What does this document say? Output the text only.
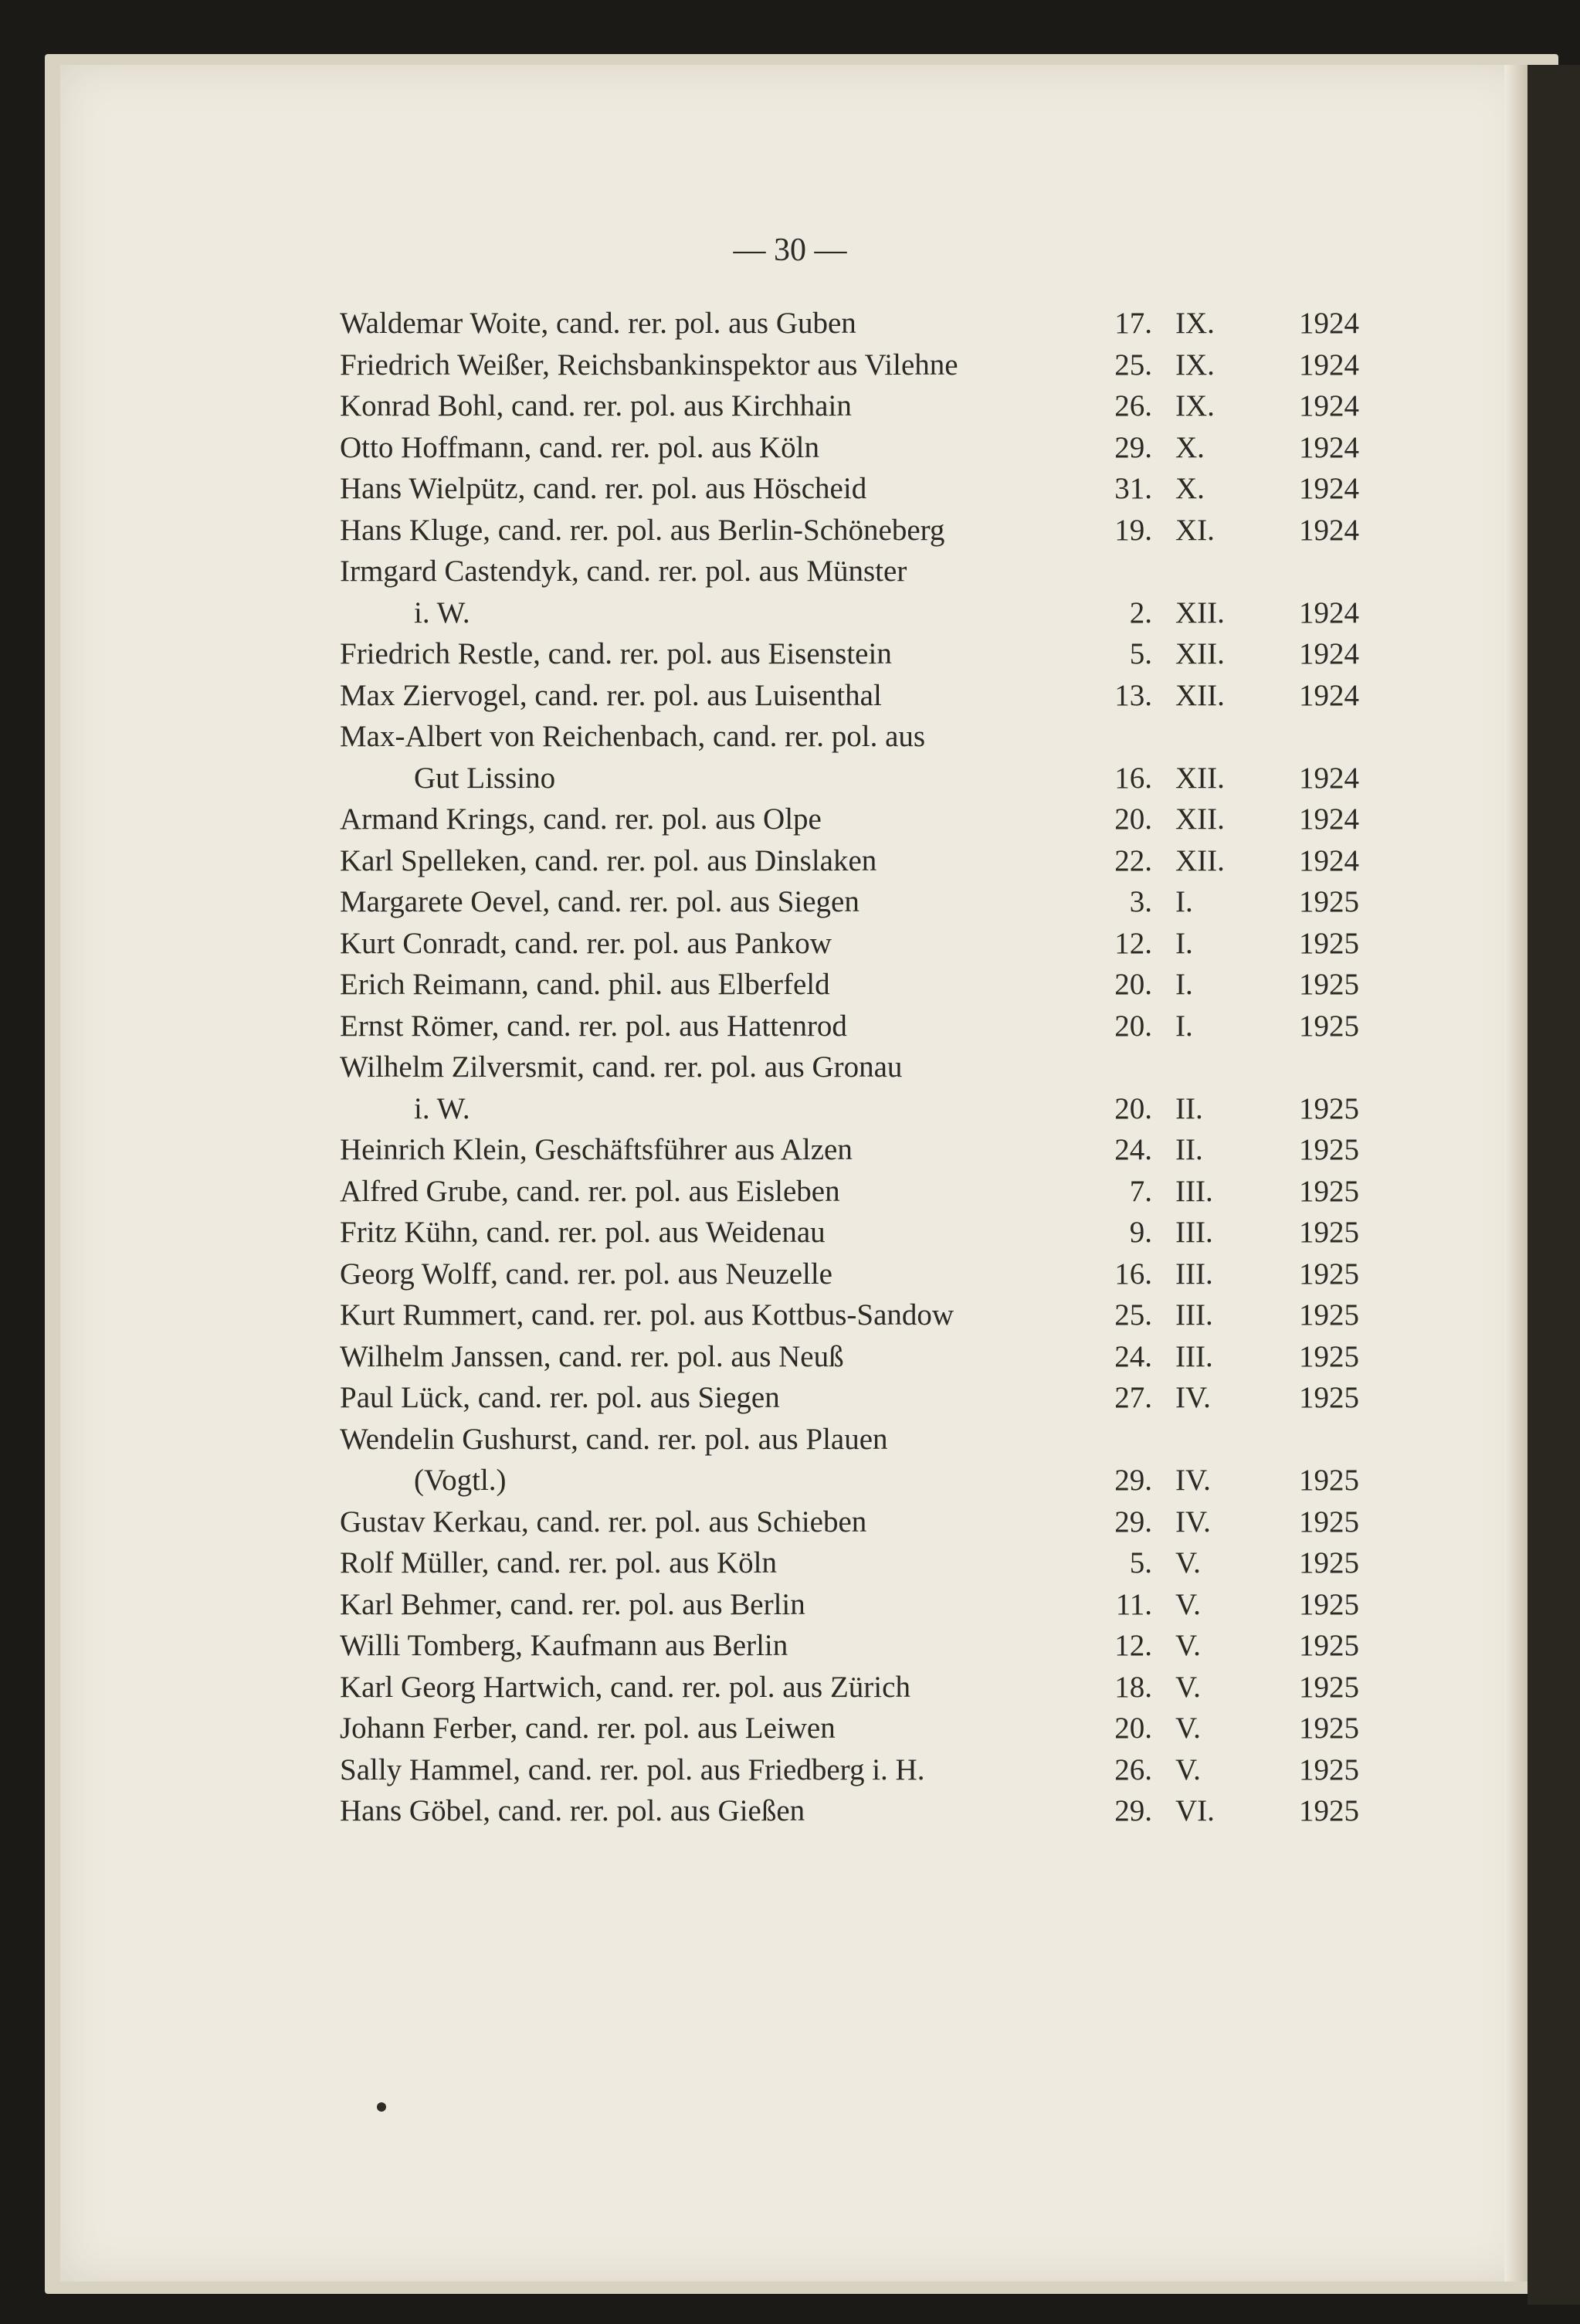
— 30 —
Waldemar Woite, cand. rer. pol. aus Guben	17. IX.	1924
Friedrich Weißer, Reichsbankinspektor aus Vilehne	25. IX.	1924
Konrad Bohl, cand. rer. pol. aus Kirchhain	26. IX.	1924
Otto Hoffmann, cand. rer. pol. aus Köln	29. X.	1924
Hans Wielpütz, cand. rer. pol. aus Höscheid	31. X.	1924
Hans Kluge, cand. rer. pol. aus Berlin-Schöneberg	19. XI.	1924
Irmgard Castendyk, cand. rer. pol. aus Münster
i. W.	2. XII.	1924
Friedrich Restle, cand. rer. pol. aus Eisenstein	5. XII.	1924
Max Ziervogel, cand. rer. pol. aus Luisenthal	13. XII.	1924
Max-Albert von Reichenbach, cand. rer. pol. aus
Gut Lissino	16. XII.	1924
Armand Krings, cand. rer. pol. aus Olpe	20. XII.	1924
Karl Spelleken, cand. rer. pol. aus Dinslaken	22. XII.	1924
Margarete Oevel, cand. rer. pol. aus Siegen	3. I.	1925
Kurt Conradt, cand. rer. pol. aus Pankow	12. I.	1925
Erich Reimann, cand. phil. aus Elberfeld	20. I.	1925
Ernst Römer, cand. rer. pol. aus Hattenrod	20. I.	1925
Wilhelm Zilversmit, cand. rer. pol. aus Gronau
i. W.	20. II.	1925
Heinrich Klein, Geschäftsführer aus Alzen	24. II.	1925
Alfred Grube, cand. rer. pol. aus Eisleben	7. III.	1925
Fritz Kühn, cand. rer. pol. aus Weidenau	9. III.	1925
Georg Wolff, cand. rer. pol. aus Neuzelle	16. III.	1925
Kurt Rummert, cand. rer. pol. aus Kottbus-Sandow	25. III.	1925
Wilhelm Janssen, cand. rer. pol. aus Neuß	24. III.	1925
Paul Lück, cand. rer. pol. aus Siegen	27. IV.	1925
Wendelin Gushurst, cand. rer. pol. aus Plauen
(Vogtl.)	29. IV.	1925
Gustav Kerkau, cand. rer. pol. aus Schieben	29. IV.	1925
Rolf Müller, cand. rer. pol. aus Köln	5. V.	1925
Karl Behmer, cand. rer. pol. aus Berlin	11. V.	1925
Willi Tomberg, Kaufmann aus Berlin	12. V.	1925
Karl Georg Hartwich, cand. rer. pol. aus Zürich	18. V.	1925
Johann Ferber, cand. rer. pol. aus Leiwen	20. V.	1925
Sally Hammel, cand. rer. pol. aus Friedberg i. H.	26. V.	1925
Hans Göbel, cand. rer. pol. aus Gießen	29. VI.	1925
